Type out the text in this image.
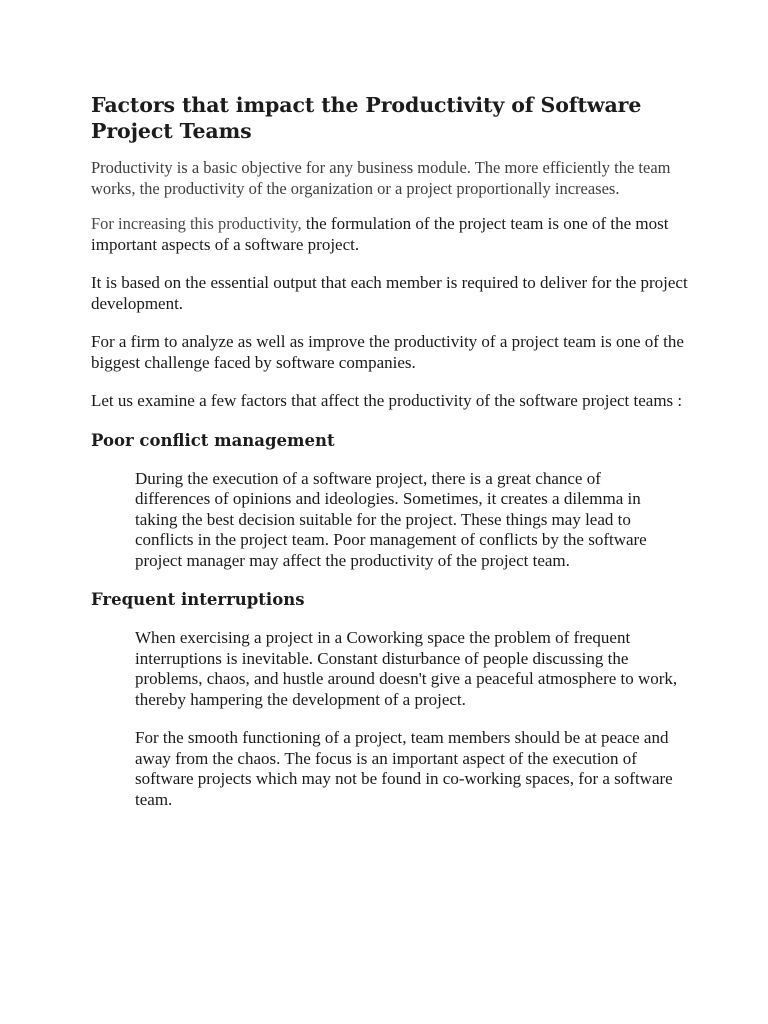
Factors that impact the Productivity of Software Project Teams

Productivity is a basic objective for any business module. The more efficiently the team works, the productivity of the organization or a project proportionally increases.

For increasing this productivity, the formulation of the project team is one of the most important aspects of a software project.

It is based on the essential output that each member is required to deliver for the project development.

For a firm to analyze as well as improve the productivity of a project team is one of the biggest challenge faced by software companies.

Let us examine a few factors that affect the productivity of the software project teams :

Poor conflict management

During the execution of a software project, there is a great chance of differences of opinions and ideologies. Sometimes, it creates a dilemma in taking the best decision suitable for the project. These things may lead to conflicts in the project team. Poor management of conflicts by the software project manager may affect the productivity of the project team.

Frequent interruptions

When exercising a project in a Coworking space the problem of frequent interruptions is inevitable. Constant disturbance of people discussing the problems, chaos, and hustle around doesn't give a peaceful atmosphere to work, thereby hampering the development of a project.

For the smooth functioning of a project, team members should be at peace and away from the chaos. The focus is an important aspect of the execution of software projects which may not be found in co-working spaces, for a software team.
